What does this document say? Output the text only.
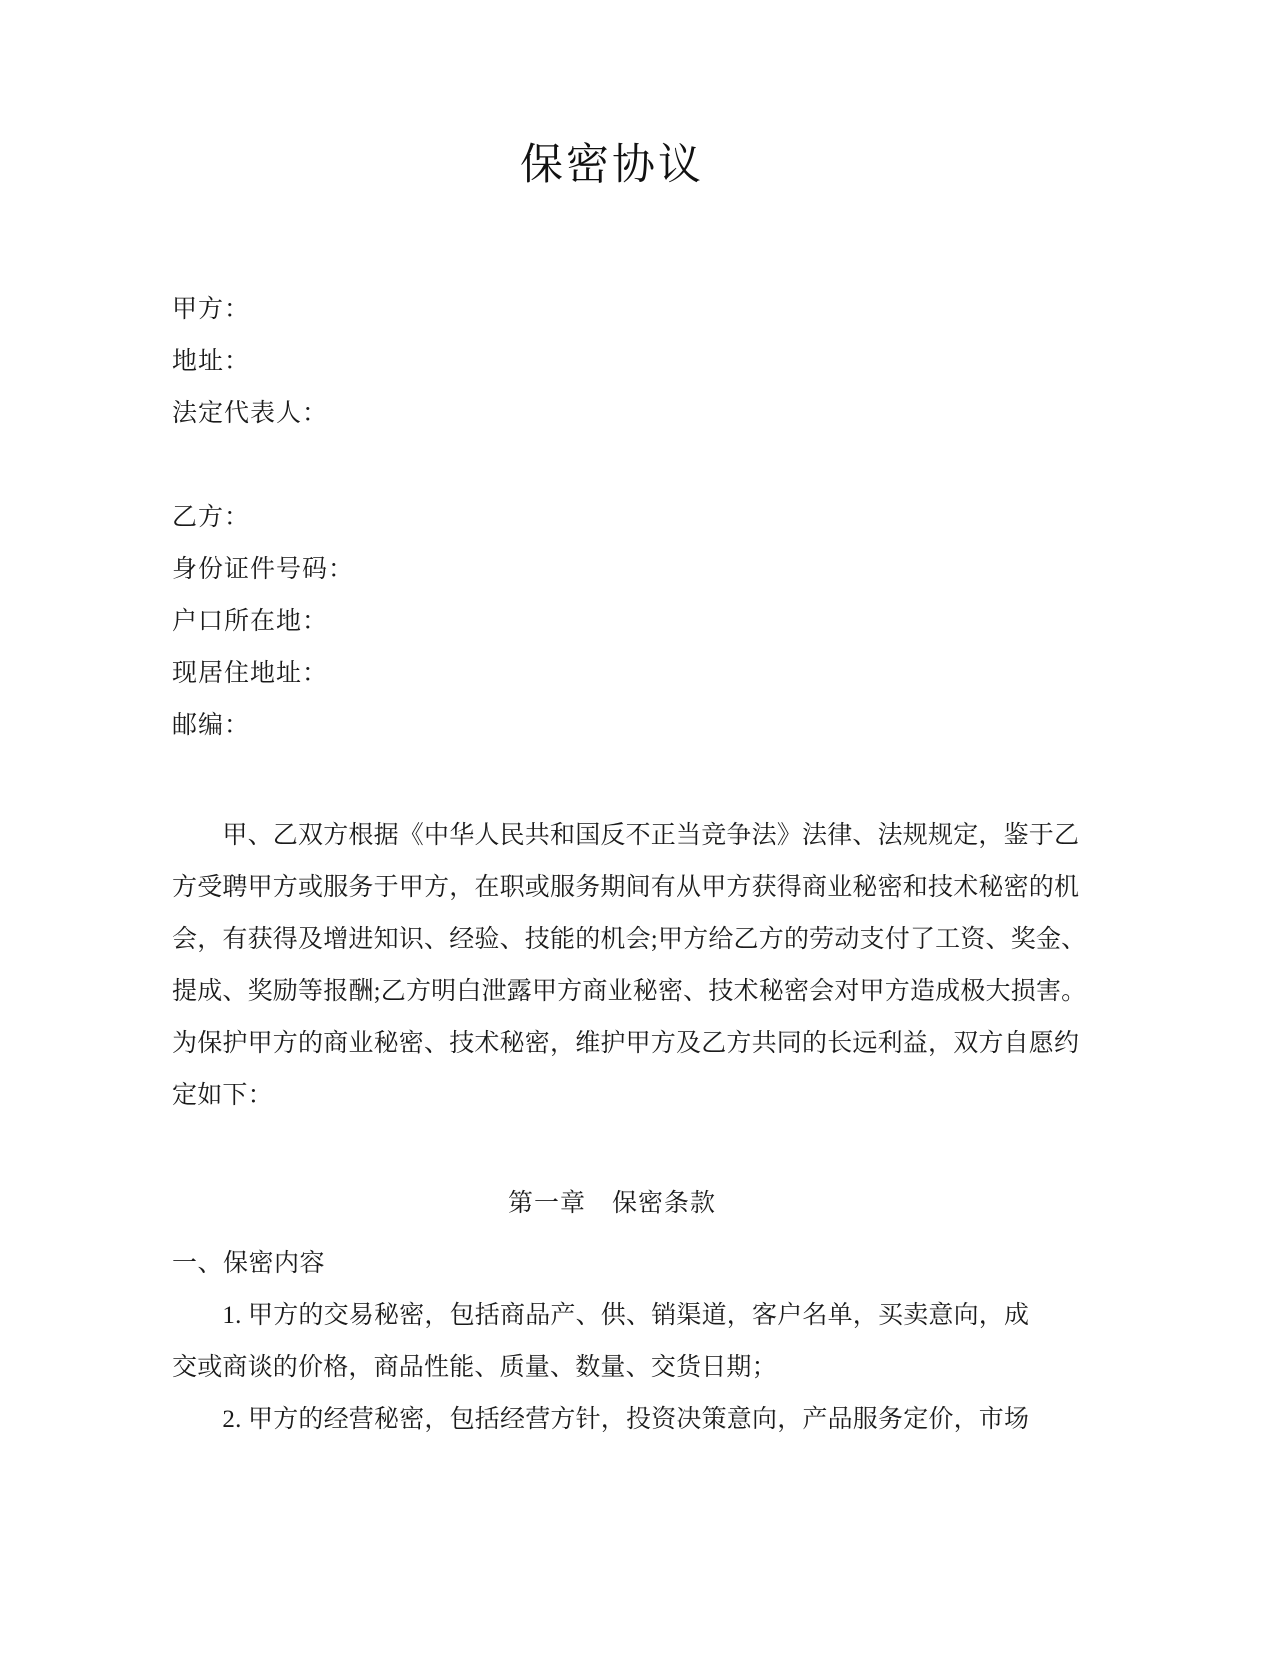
保密协议
甲方：
地址：
法定代表人：
乙方：
身份证件号码：
户口所在地：
现居住地址：
邮编：
　　甲、乙双方根据《中华人民共和国反不正当竞争法》法律、法规规定，鉴于乙
方受聘甲方或服务于甲方，在职或服务期间有从甲方获得商业秘密和技术秘密的机
会，有获得及增进知识、经验、技能的机会;甲方给乙方的劳动支付了工资、奖金、
提成、奖励等报酬;乙方明白泄露甲方商业秘密、技术秘密会对甲方造成极大损害。
为保护甲方的商业秘密、技术秘密，维护甲方及乙方共同的长远利益，双方自愿约
定如下：
第一章　保密条款
一、保密内容
　　1. 甲方的交易秘密，包括商品产、供、销渠道，客户名单，买卖意向，成
交或商谈的价格，商品性能、质量、数量、交货日期；
　　2. 甲方的经营秘密，包括经营方针，投资决策意向，产品服务定价，市场
